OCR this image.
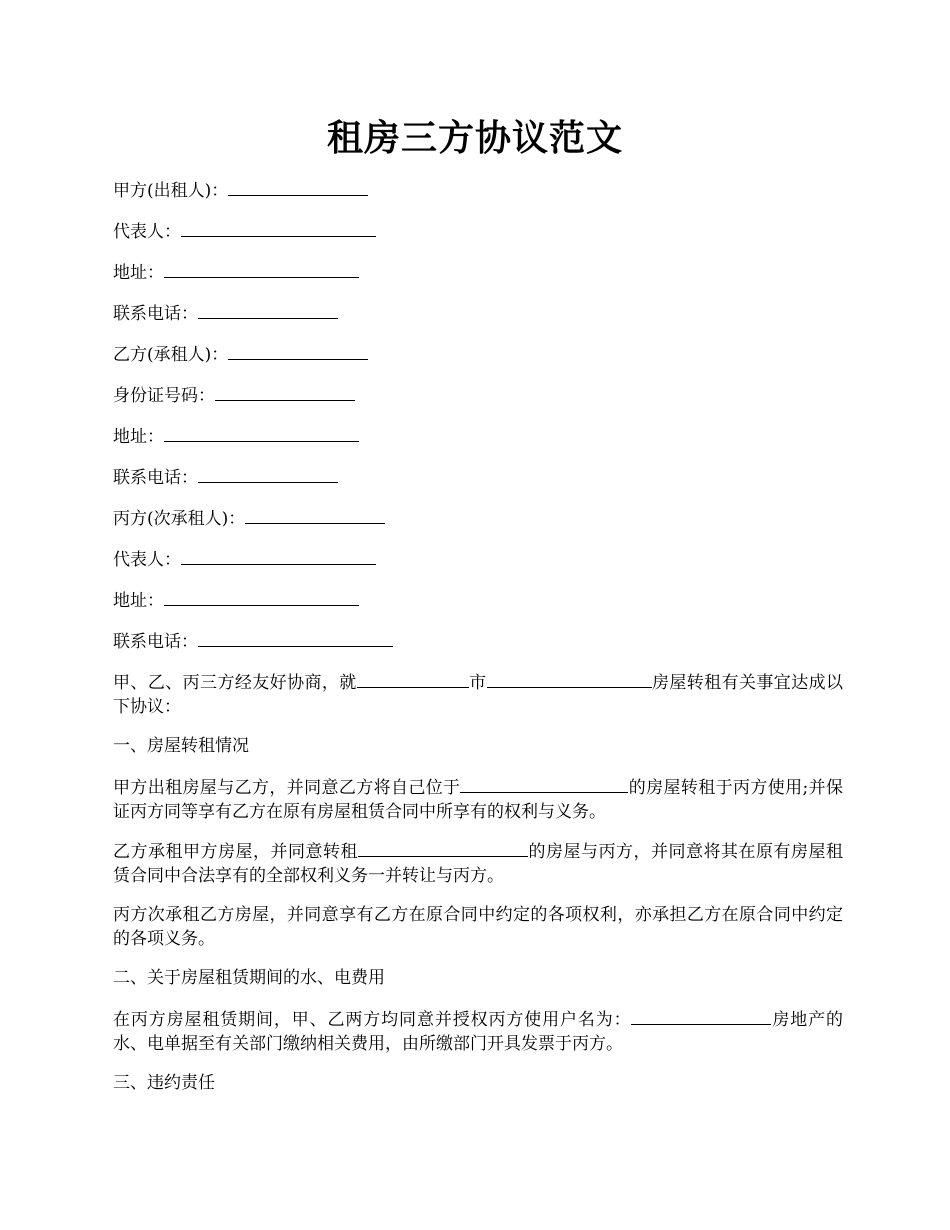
租房三方协议范文
甲方(出租人)：
代表人：
地址：
联系电话：
乙方(承租人)：
身份证号码：
地址：
联系电话：
丙方(次承租人)：
代表人：
地址：
联系电话：
甲、乙、丙三方经友好协商，就	市	房屋转租有关事宜达成以下协议：
一、房屋转租情况
甲方出租房屋与乙方，并同意乙方将自己位于	的房屋转租于丙方使用;并保证丙方同等享有乙方在原有房屋租赁合同中所享有的权利与义务。
乙方承租甲方房屋，并同意转租	的房屋与丙方，并同意将其在原有房屋租赁合同中合法享有的全部权利义务一并转让与丙方。
丙方次承租乙方房屋，并同意享有乙方在原合同中约定的各项权利，亦承担乙方在原合同中约定的各项义务。
二、关于房屋租赁期间的水、电费用
在丙方房屋租赁期间，甲、乙两方均同意并授权丙方使用户名为：	房地产的水、电单据至有关部门缴纳相关费用，由所缴部门开具发票于丙方。
三、违约责任
